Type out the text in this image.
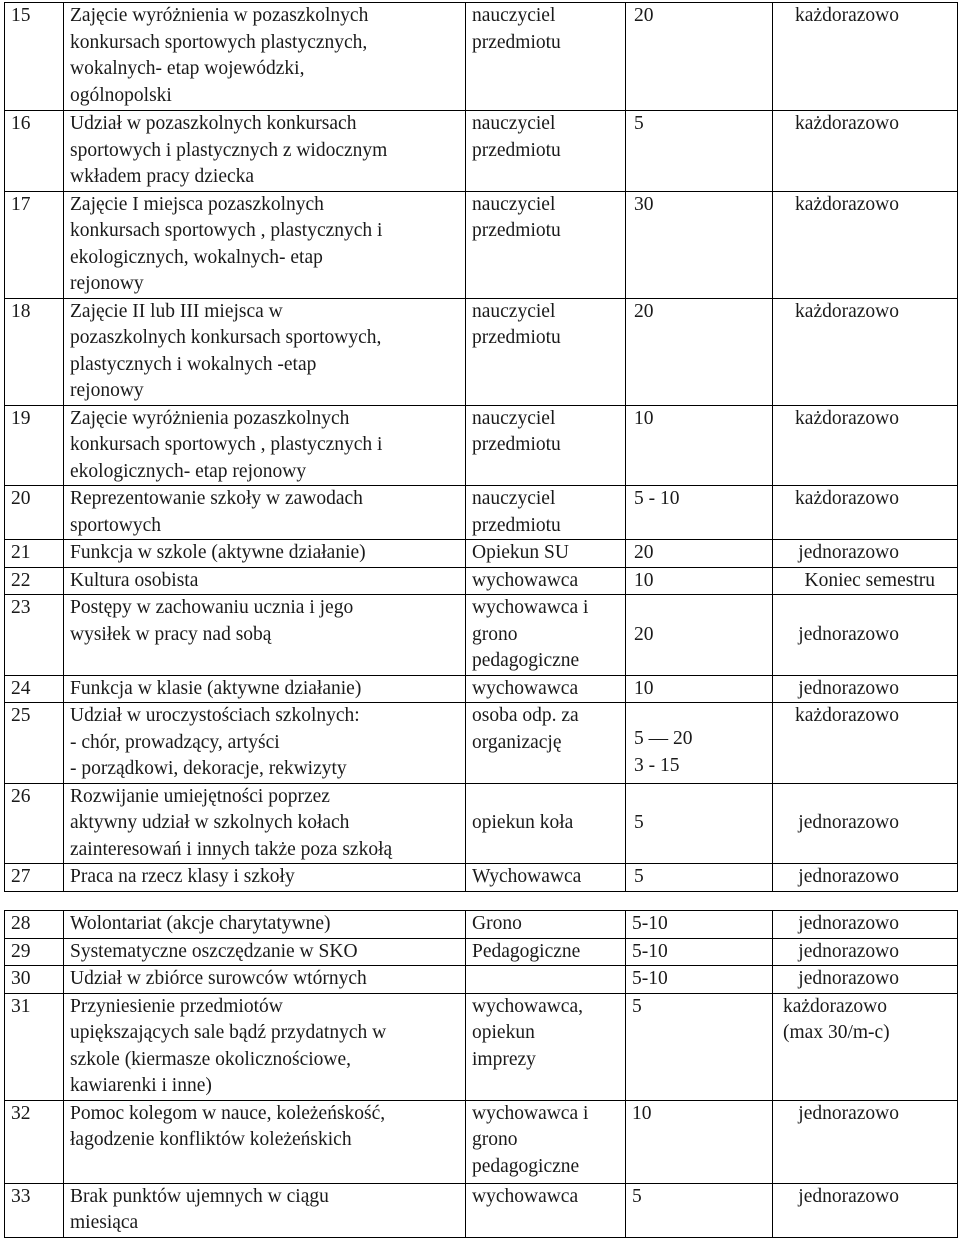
15	Zajęcie wyróżnienia w pozaszkolnych
konkursach sportowych plastycznych,
wokalnych- etap wojewódzki,
ogólnopolski	nauczyciel
przedmiotu	20	każdorazowo
16	Udział w pozaszkolnych konkursach
sportowych i plastycznych z widocznym
wkładem pracy dziecka	nauczyciel
przedmiotu	5	każdorazowo
17	Zajęcie I miejsca pozaszkolnych
konkursach sportowych , plastycznych i
ekologicznych, wokalnych- etap
rejonowy	nauczyciel
przedmiotu	30	każdorazowo
18	Zajęcie II lub III miejsca w
pozaszkolnych konkursach sportowych,
plastycznych i wokalnych -etap
rejonowy	nauczyciel
przedmiotu	20	każdorazowo
19	Zajęcie wyróżnienia pozaszkolnych
konkursach sportowych , plastycznych i
ekologicznych- etap rejonowy	nauczyciel
przedmiotu	10	każdorazowo
20	Reprezentowanie szkoły w zawodach
sportowych	nauczyciel
przedmiotu	5 - 10	każdorazowo
21	Funkcja w szkole (aktywne działanie)	Opiekun SU	20	jednorazowo
22	Kultura osobista	wychowawca	10	Koniec semestru
23	Postępy w zachowaniu ucznia i jego
wysiłek w pracy nad sobą	wychowawca i
grono
pedagogiczne	20	jednorazowo
24	Funkcja w klasie (aktywne działanie)	wychowawca	10	jednorazowo
25	Udział w uroczystościach szkolnych:
- chór, prowadzący, artyści
- porządkowi, dekoracje, rekwizyty	osoba odp. za
organizację	5 — 20
3 - 15	każdorazowo
26	Rozwijanie umiejętności poprzez
aktywny udział w szkolnych kołach
zainteresowań i innych także poza szkołą	opiekun koła	5	jednorazowo
27	Praca na rzecz klasy i szkoły	Wychowawca	5	jednorazowo
28	Wolontariat (akcje charytatywne)	Grono	5-10	jednorazowo
29	Systematyczne oszczędzanie w SKO	Pedagogiczne	5-10	jednorazowo
30	Udział w zbiórce surowców wtórnych		5-10	jednorazowo
31	Przyniesienie przedmiotów
upiększających sale bądź przydatnych w
szkole (kiermasze okolicznościowe,
kawiarenki i inne)	wychowawca,
opiekun
imprezy	5	każdorazowo
(max 30/m-c)

32	Pomoc kolegom w nauce, koleżeńskość,
łagodzenie konfliktów koleżeńskich	wychowawca i
grono
pedagogiczne	10	jednorazowo
33	Brak punktów ujemnych w ciągu
miesiąca	wychowawca	5	jednorazowo
